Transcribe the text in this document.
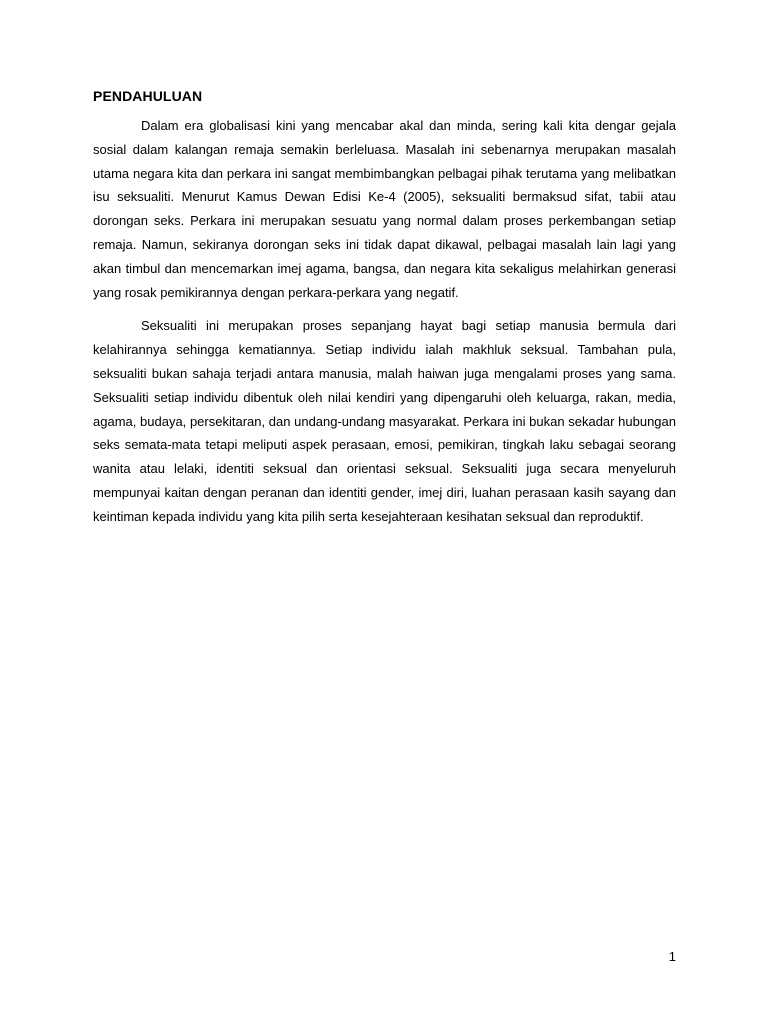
PENDAHULUAN

Dalam era globalisasi kini yang mencabar akal dan minda, sering kali kita dengar gejala sosial dalam kalangan remaja semakin berleluasa. Masalah ini sebenarnya merupakan masalah utama negara kita dan perkara ini sangat membimbangkan pelbagai pihak terutama yang melibatkan isu seksualiti. Menurut Kamus Dewan Edisi Ke-4 (2005), seksualiti bermaksud sifat, tabii atau dorongan seks. Perkara ini merupakan sesuatu yang normal dalam proses perkembangan setiap remaja. Namun, sekiranya dorongan seks ini tidak dapat dikawal, pelbagai masalah lain lagi yang akan timbul dan mencemarkan imej agama, bangsa, dan negara kita sekaligus melahirkan generasi yang rosak pemikirannya dengan perkara-perkara yang negatif.

Seksualiti ini merupakan proses sepanjang hayat bagi setiap manusia bermula dari kelahirannya sehingga kematiannya. Setiap individu ialah makhluk seksual. Tambahan pula, seksualiti bukan sahaja terjadi antara manusia, malah haiwan juga mengalami proses yang sama. Seksualiti setiap individu dibentuk oleh nilai kendiri yang dipengaruhi oleh keluarga, rakan, media, agama, budaya, persekitaran, dan undang-undang masyarakat. Perkara ini bukan sekadar hubungan seks semata-mata tetapi meliputi aspek perasaan, emosi, pemikiran, tingkah laku sebagai seorang wanita atau lelaki, identiti seksual dan orientasi seksual. Seksualiti juga secara menyeluruh mempunyai kaitan dengan peranan dan identiti gender, imej diri, luahan perasaan kasih sayang dan keintiman kepada individu yang kita pilih serta kesejahteraan kesihatan seksual dan reproduktif.

1
